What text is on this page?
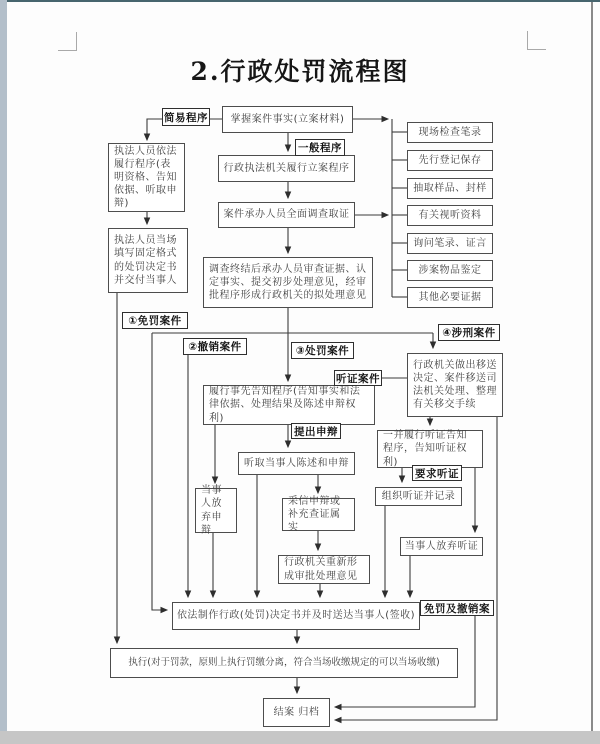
掌握案件事实(立案材料)
执法人员依法履行程序(表明资格、告知依据、听取申辩)
执法人员当场填写固定格式的处罚决定书并交付当事人
行政执法机关履行立案程序
案件承办人员全面调查取证
调查终结后承办人员审查证据、认定事实、提交初步处理意见，经审批程序形成行政机关的拟处理意见
现场检查笔录
先行登记保存
抽取样品、封样
有关视听资料
询问笔录、证言
涉案物品鉴定
其他必要证据
行政机关做出移送决定、案件移送司法机关处理、整理有关移交手续
履行事先告知程序(告知事实和法律依据、处理结果及陈述申辩权利)
一并履行听证告知程序，告知听证权利)
听取当事人陈述和申辩
当事人放弃申辩
采信申辩或补充查证属实
组织听证并记录
当事人放弃听证
行政机关重新形成审批处理意见
依法制作行政(处罚)决定书并及时送达当事人(签收)
执行(对于罚款，原则上执行罚缴分离，符合当场收缴规定的可以当场收缴)
结案 归档
简易程序
一般程序
①免罚案件
②撤销案件	③处罚案件
④涉刑案件
听证案件
提出申辩
要求听证
免罚及撤销案
2.行政处罚流程图
